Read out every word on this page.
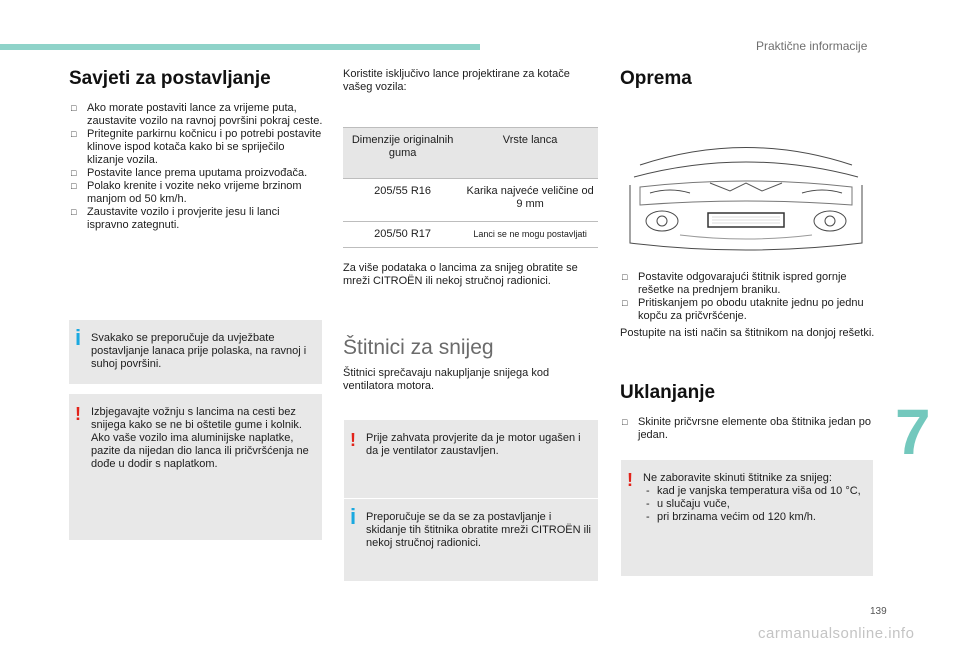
Praktične informacije
7
139
carmanualsonline.info
Savjeti za postavljanje
□ Ako morate postaviti lance za vrijeme puta, zaustavite vozilo na ravnoj površini pokraj ceste.
□ Pritegnite parkirnu kočnicu i po potrebi postavite klinove ispod kotača kako bi se spriječilo klizanje vozila.
□ Postavite lance prema uputama proizvođača.
□ Polako krenite i vozite neko vrijeme brzinom manjom od 50 km/h.
□ Zaustavite vozilo i provjerite jesu li lanci ispravno zategnuti.
i Svakako se preporučuje da uvježbate postavljanje lanaca prije polaska, na ravnoj i suhoj površini.
! Izbjegavajte vožnju s lancima na cesti bez snijega kako se ne bi oštetile gume i kolnik. Ako vaše vozilo ima aluminijske naplatke, pazite da nijedan dio lanca ili pričvršćenja ne dođe u dodir s naplatkom.

Koristite isključivo lance projektirane za kotače vašeg vozila:

Dimenzije originalnih guma	Vrste lanca
205/55 R16	Karika najveće veličine od 9 mm
205/50 R17	Lanci se ne mogu postavljati

Za više podataka o lancima za snijeg obratite se mreži CITROËN ili nekoj stručnoj radionici.

Štitnici za snijeg

Štitnici sprečavaju nakupljanje snijega kod ventilatora motora.

! Prije zahvata provjerite da je motor ugašen i da je ventilator zaustavljen.
i Preporučuje se da se za postavljanje i skidanje tih štitnika obratite mreži CITROËN ili nekoj stručnoj radionici.
Oprema
□ Postavite odgovarajući štitnik ispred gornje rešetke na prednjem braniku.
□ Pritiskanjem po obodu utaknite jednu po jednu kopču za pričvršćenje.

Postupite na isti način sa štitnikom na donjoj rešetki.

Uklanjanje
□ Skinite pričvrsne elemente oba štitnika jedan po jedan.
! Ne zaboravite skinuti štitnike za snijeg:
- kad je vanjska temperatura viša od 10 °C,
- u slučaju vuče,
- pri brzinama većim od 120 km/h.
